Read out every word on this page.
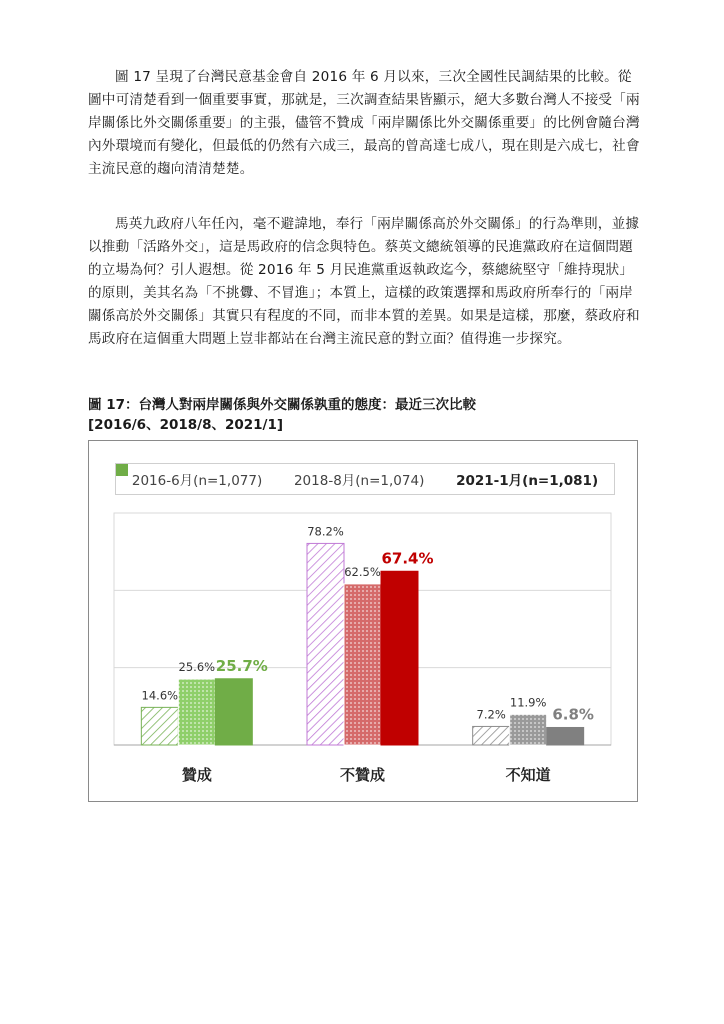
圖 17 呈現了台灣民意基金會自 2016 年 6 月以來，三次全國性民調結果的比較。從圖中可清楚看到一個重要事實，那就是，三次調查結果皆顯示，絕大多數台灣人不接受「兩岸關係比外交關係重要」的主張，儘管不贊成「兩岸關係比外交關係重要」的比例會隨台灣內外環境而有變化，但最低的仍然有六成三，最高的曾高達七成八，現在則是六成七，社會主流民意的趨向清清楚楚。

馬英九政府八年任內，毫不避諱地，奉行「兩岸關係高於外交關係」的行為準則，並據以推動「活路外交」，這是馬政府的信念與特色。蔡英文總統領導的民進黨政府在這個問題的立場為何？引人遐想。從 2016 年 5 月民進黨重返執政迄今，蔡總統堅守「維持現狀」的原則，美其名為「不挑釁、不冒進」；本質上，這樣的政策選擇和馬政府所奉行的「兩岸關係高於外交關係」其實只有程度的不同，而非本質的差異。如果是這樣，那麼，蔡政府和馬政府在這個重大問題上豈非都站在台灣主流民意的對立面？值得進一步探究。

圖 17：台灣人對兩岸關係與外交關係孰重的態度：最近三次比較
[2016/6、2018/8、2021/1]
14.6%
25.6% 25.7%
贊成
78.2%
62.5%
67.4%
不贊成
7.2%
11.9%
6.8%
不知道
2016-6月(n=1,077) 2018-8月(n=1,074) 2021-1月(n=1,081)
